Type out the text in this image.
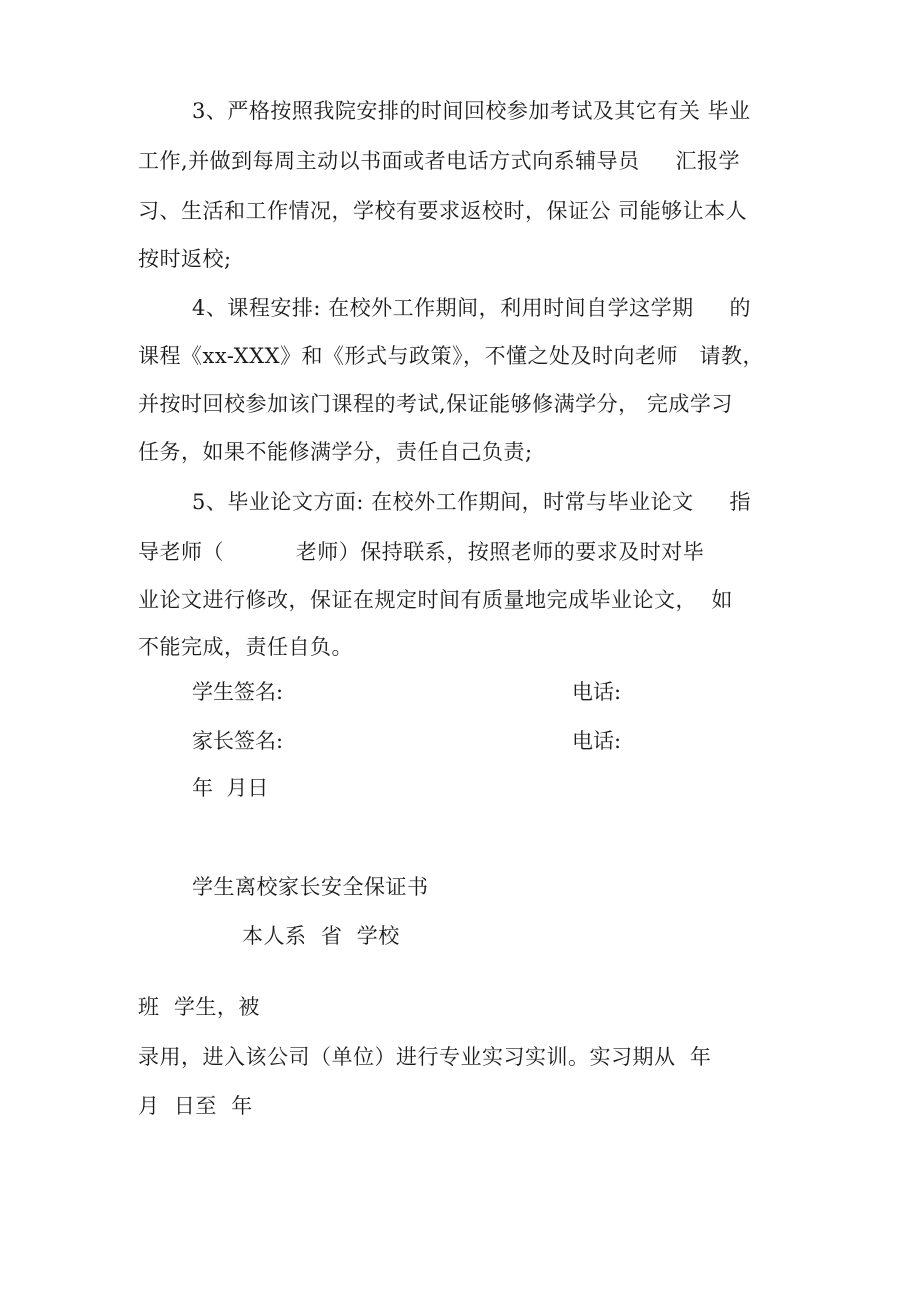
3、严格按照我院安排的时间回校参加考试及其它有关 毕业
工作,并做到每周主动以书面或者电话方式向系辅导员     汇报学
习、生活和工作情况，学校有要求返校时，保证公 司能够让本人
按时返校;
4、课程安排: 在校外工作期间，利用时间自学这学期     的
课程《xx-XXX》和《形式与政策》，不懂之处及时向老师   请教，
并按时回校参加该门课程的考试,保证能够修满学分， 完成学习
任务，如果不能修满学分，责任自己负责;
5、毕业论文方面: 在校外工作期间，时常与毕业论文     指
导老师（          老师）保持联系，按照老师的要求及时对毕
业论文进行修改，保证在规定时间有质量地完成毕业论文，  如
不能完成，责任自负。
学生签名:	电话:
家长签名:	电话:
年  月日
学生离校家长安全保证书
本人系  省  学校
班  学生，被
录用，进入该公司（单位）进行专业实习实训。实习期从  年
月  日至  年
